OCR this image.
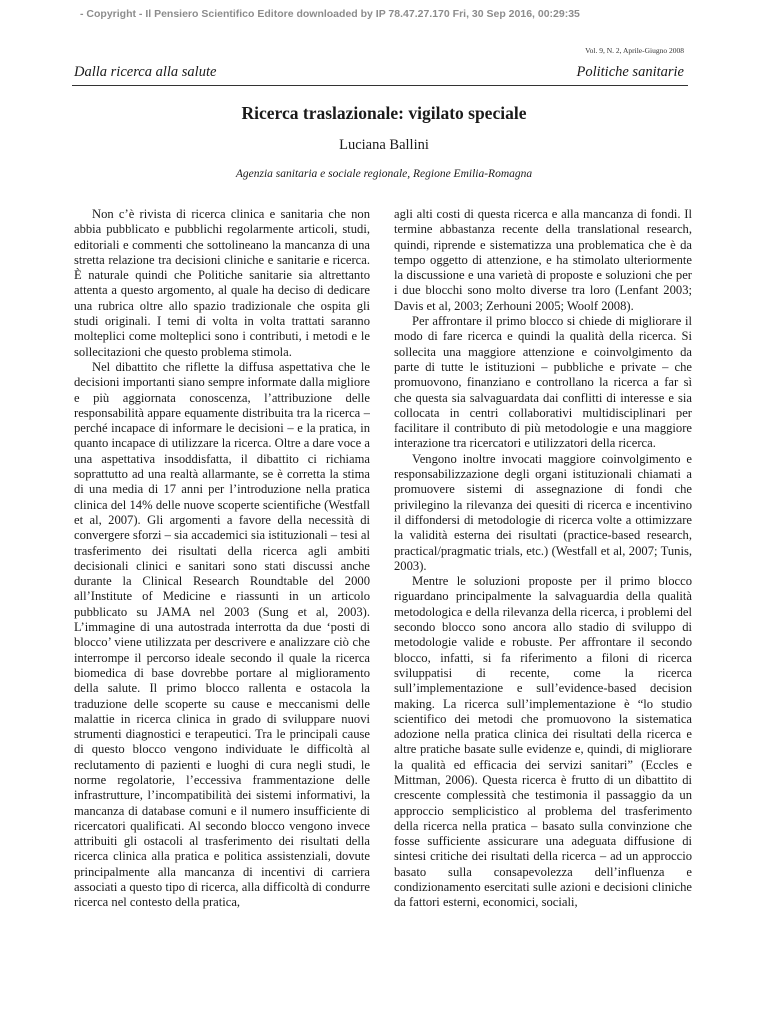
- Copyright - Il Pensiero Scientifico Editore downloaded by IP 78.47.27.170 Fri, 30 Sep 2016, 00:29:35
Vol. 9, N. 2, Aprile-Giugno 2008
Dalla ricerca alla salute	Politiche sanitarie
Ricerca traslazionale: vigilato speciale
Luciana Ballini
Agenzia sanitaria e sociale regionale, Regione Emilia-Romagna

Non c’è rivista di ricerca clinica e sanitaria che non abbia pubblicato e pubblichi regolarmente articoli, studi, editoriali e commenti che sottolineano la mancanza di una stretta relazione tra decisioni cliniche e sanitarie e ricerca. È naturale quindi che Politiche sanitarie sia altrettanto attenta a questo argomento, al quale ha deciso di dedicare una rubrica oltre allo spazio tradizionale che ospita gli studi originali. I temi di volta in volta trattati saranno molteplici come molteplici sono i contributi, i metodi e le sollecitazioni che questo problema stimola.

Nel dibattito che riflette la diffusa aspettativa che le decisioni importanti siano sempre informate dalla migliore e più aggiornata conoscenza, l’attribuzione delle responsabilità appare equamente distribuita tra la ricerca – perché incapace di informare le decisioni – e la pratica, in quanto incapace di utilizzare la ricerca. Oltre a dare voce a una aspettativa insoddisfatta, il dibattito ci richiama soprattutto ad una realtà allarmante, se è corretta la stima di una media di 17 anni per l’introduzione nella pratica clinica del 14% delle nuove scoperte scientifiche (Westfall et al, 2007). Gli argomenti a favore della necessità di convergere sforzi – sia accademici sia istituzionali – tesi al trasferimento dei risultati della ricerca agli ambiti decisionali clinici e sanitari sono stati discussi anche durante la Clinical Research Roundtable del 2000 all’Institute of Medicine e riassunti in un articolo pubblicato su JAMA nel 2003 (Sung et al, 2003). L’immagine di una autostrada interrotta da due ‘posti di blocco’ viene utilizzata per descrivere e analizzare ciò che interrompe il percorso ideale secondo il quale la ricerca biomedica di base dovrebbe portare al miglioramento della salute. Il primo blocco rallenta e ostacola la traduzione delle scoperte su cause e meccanismi delle malattie in ricerca clinica in grado di sviluppare nuovi strumenti diagnostici e terapeutici. Tra le principali cause di questo blocco vengono individuate le difficoltà al reclutamento di pazienti e luoghi di cura negli studi, le norme regolatorie, l’eccessiva frammentazione delle infrastrutture, l’incompatibilità dei sistemi informativi, la mancanza di database comuni e il numero insufficiente di ricercatori qualificati. Al secondo blocco vengono invece attribuiti gli ostacoli al trasferimento dei risultati della ricerca clinica alla pratica e politica assistenziali, dovute principalmente alla mancanza di incentivi di carriera associati a questo tipo di ricerca, alla difficoltà di condurre ricerca nel contesto della pratica,

agli alti costi di questa ricerca e alla mancanza di fondi. Il termine abbastanza recente della translational research, quindi, riprende e sistematizza una problematica che è da tempo oggetto di attenzione, e ha stimolato ulteriormente la discussione e una varietà di proposte e soluzioni che per i due blocchi sono molto diverse tra loro (Lenfant 2003; Davis et al, 2003; Zerhouni 2005; Woolf 2008).

Per affrontare il primo blocco si chiede di migliorare il modo di fare ricerca e quindi la qualità della ricerca. Si sollecita una maggiore attenzione e coinvolgimento da parte di tutte le istituzioni – pubbliche e private – che promuovono, finanziano e controllano la ricerca a far sì che questa sia salvaguardata dai conflitti di interesse e sia collocata in centri collaborativi multidisciplinari per facilitare il contributo di più metodologie e una maggiore interazione tra ricercatori e utilizzatori della ricerca.

Vengono inoltre invocati maggiore coinvolgimento e responsabilizzazione degli organi istituzionali chiamati a promuovere sistemi di assegnazione di fondi che privilegino la rilevanza dei quesiti di ricerca e incentivino il diffondersi di metodologie di ricerca volte a ottimizzare la validità esterna dei risultati (practice-based research, practical/pragmatic trials, etc.) (Westfall et al, 2007; Tunis, 2003).

Mentre le soluzioni proposte per il primo blocco riguardano principalmente la salvaguardia della qualità metodologica e della rilevanza della ricerca, i problemi del secondo blocco sono ancora allo stadio di sviluppo di metodologie valide e robuste. Per affrontare il secondo blocco, infatti, si fa riferimento a filoni di ricerca sviluppatisi di recente, come la ricerca sull’implementazione e sull’evidence-based decision making. La ricerca sull’implementazione è “lo studio scientifico dei metodi che promuovono la sistematica adozione nella pratica clinica dei risultati della ricerca e altre pratiche basate sulle evidenze e, quindi, di migliorare la qualità ed efficacia dei servizi sanitari” (Eccles e Mittman, 2006). Questa ricerca è frutto di un dibattito di crescente complessità che testimonia il passaggio da un approccio semplicistico al problema del trasferimento della ricerca nella pratica – basato sulla convinzione che fosse sufficiente assicurare una adeguata diffusione di sintesi critiche dei risultati della ricerca – ad un approccio basato sulla consapevolezza dell’influenza e condizionamento esercitati sulle azioni e decisioni cliniche da fattori esterni, economici, sociali,
